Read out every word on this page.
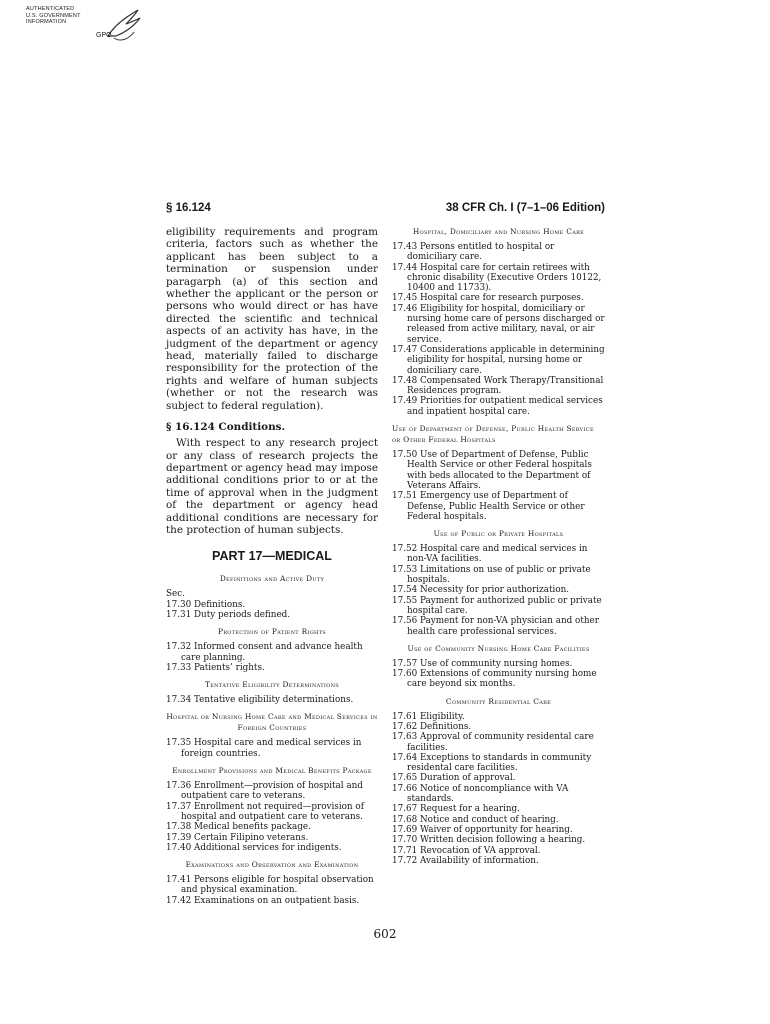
AUTHENTICATED
U.S. GOVERNMENT
INFORMATION
GPO
§ 16.124	38 CFR Ch. I (7–1–06 Edition)

eligibility requirements and program criteria, factors such as whether the applicant has been subject to a termination or suspension under paragarph (a) of this section and whether the applicant or the person or persons who would direct or has have directed the scientific and technical aspects of an activity has have, in the judgment of the department or agency head, materially failed to discharge responsibility for the protection of the rights and welfare of human subjects (whether or not the research was subject to federal regulation).

§ 16.124 Conditions.

With respect to any research project or any class of research projects the department or agency head may impose additional conditions prior to or at the time of approval when in the judgment of the department or agency head additional conditions are necessary for the protection of human subjects.

PART 17—MEDICAL
Definitions and Active Duty
Sec.
17.30 Definitions.
17.31 Duty periods defined.
Protection of Patient Rights
17.32 Informed consent and advance health care planning.
17.33 Patients’ rights.
Tentative Eligibility Determinations
17.34 Tentative eligibility determinations.
Hospital or Nursing Home Care and Medical Services in Foreign Countries
17.35 Hospital care and medical services in foreign countries.
Enrollment Provisions and Medical Benefits Package
17.36 Enrollment—provision of hospital and outpatient care to veterans.
17.37 Enrollment not required—provision of hospital and outpatient care to veterans.
17.38 Medical benefits package.
17.39 Certain Filipino veterans.
17.40 Additional services for indigents.
Examinations and Observation and Examination
17.41 Persons eligible for hospital observation and physical examination.
17.42 Examinations on an outpatient basis.
Hospital, Domiciliary and Nursing Home Care
17.43 Persons entitled to hospital or domiciliary care.
17.44 Hospital care for certain retirees with chronic disability (Executive Orders 10122, 10400 and 11733).
17.45 Hospital care for research purposes.
17.46 Eligibility for hospital, domiciliary or nursing home care of persons discharged or released from active military, naval, or air service.
17.47 Considerations applicable in determining eligibility for hospital, nursing home or domiciliary care.
17.48 Compensated Work Therapy/Transitional Residences program.
17.49 Priorities for outpatient medical services and inpatient hospital care.
Use of Department of Defense, Public Health Service or Other Federal Hospitals
17.50 Use of Department of Defense, Public Health Service or other Federal hospitals with beds allocated to the Department of Veterans Affairs.
17.51 Emergency use of Department of Defense, Public Health Service or other Federal hospitals.
Use of Public or Private Hospitals
17.52 Hospital care and medical services in non-VA facilities.
17.53 Limitations on use of public or private hospitals.
17.54 Necessity for prior authorization.
17.55 Payment for authorized public or private hospital care.
17.56 Payment for non-VA physician and other health care professional services.
Use of Community Nursing Home Care Facilities
17.57 Use of community nursing homes.
17.60 Extensions of community nursing home care beyond six months.
Community Residential Care
17.61 Eligibility.
17.62 Definitions.
17.63 Approval of community residental care facilities.
17.64 Exceptions to standards in community residental care facilities.
17.65 Duration of approval.
17.66 Notice of noncompliance with VA standards.
17.67 Request for a hearing.
17.68 Notice and conduct of hearing.
17.69 Waiver of opportunity for hearing.
17.70 Written decision following a hearing.
17.71 Revocation of VA approval.
17.72 Availability of information.
602
